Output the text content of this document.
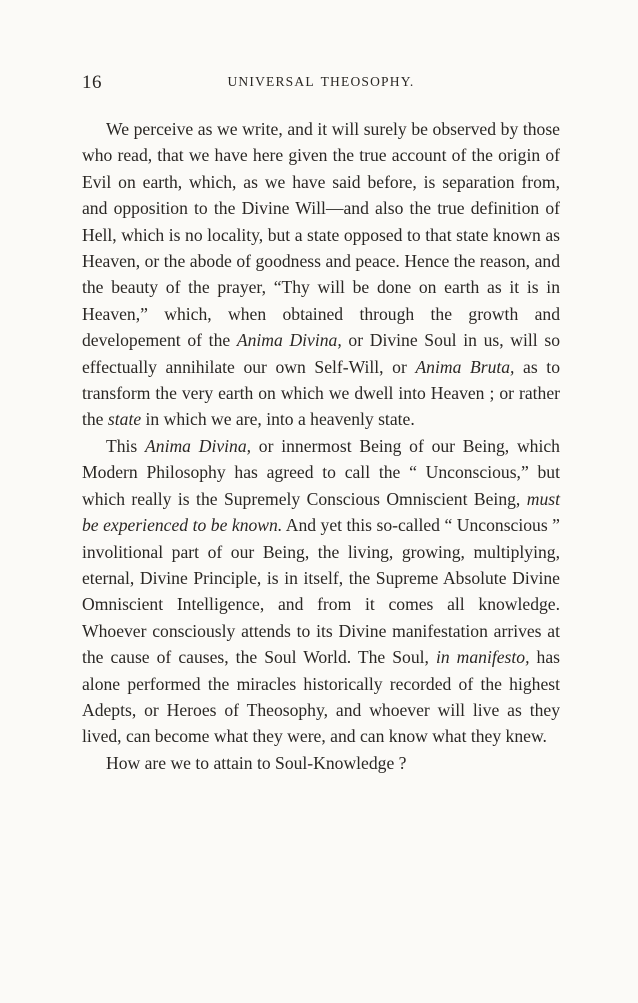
16	UNIVERSAL THEOSOPHY.

We perceive as we write, and it will surely be observed by those who read, that we have here given the true account of the origin of Evil on earth, which, as we have said before, is separation from, and opposition to the Divine Will—and also the true definition of Hell, which is no locality, but a state opposed to that state known as Heaven, or the abode of goodness and peace. Hence the reason, and the beauty of the prayer, “Thy will be done on earth as it is in Heaven,” which, when obtained through the growth and developement of the Anima Divina, or Divine Soul in us, will so effectually annihilate our own Self-Will, or Anima Bruta, as to transform the very earth on which we dwell into Heaven ; or rather the state in which we are, into a heavenly state.

This Anima Divina, or innermost Being of our Being, which Modern Philosophy has agreed to call the “ Unconscious,” but which really is the Supremely Conscious Omniscient Being, must be experienced to be known. And yet this so-called “ Unconscious ” involitional part of our Being, the living, growing, multiplying, eternal, Divine Principle, is in itself, the Supreme Absolute Divine Omniscient Intelligence, and from it comes all knowledge. Whoever consciously attends to its Divine manifestation arrives at the cause of causes, the Soul World. The Soul, in manifesto, has alone performed the miracles historically recorded of the highest Adepts, or Heroes of Theosophy, and whoever will live as they lived, can become what they were, and can know what they knew.

How are we to attain to Soul-Knowledge ?
